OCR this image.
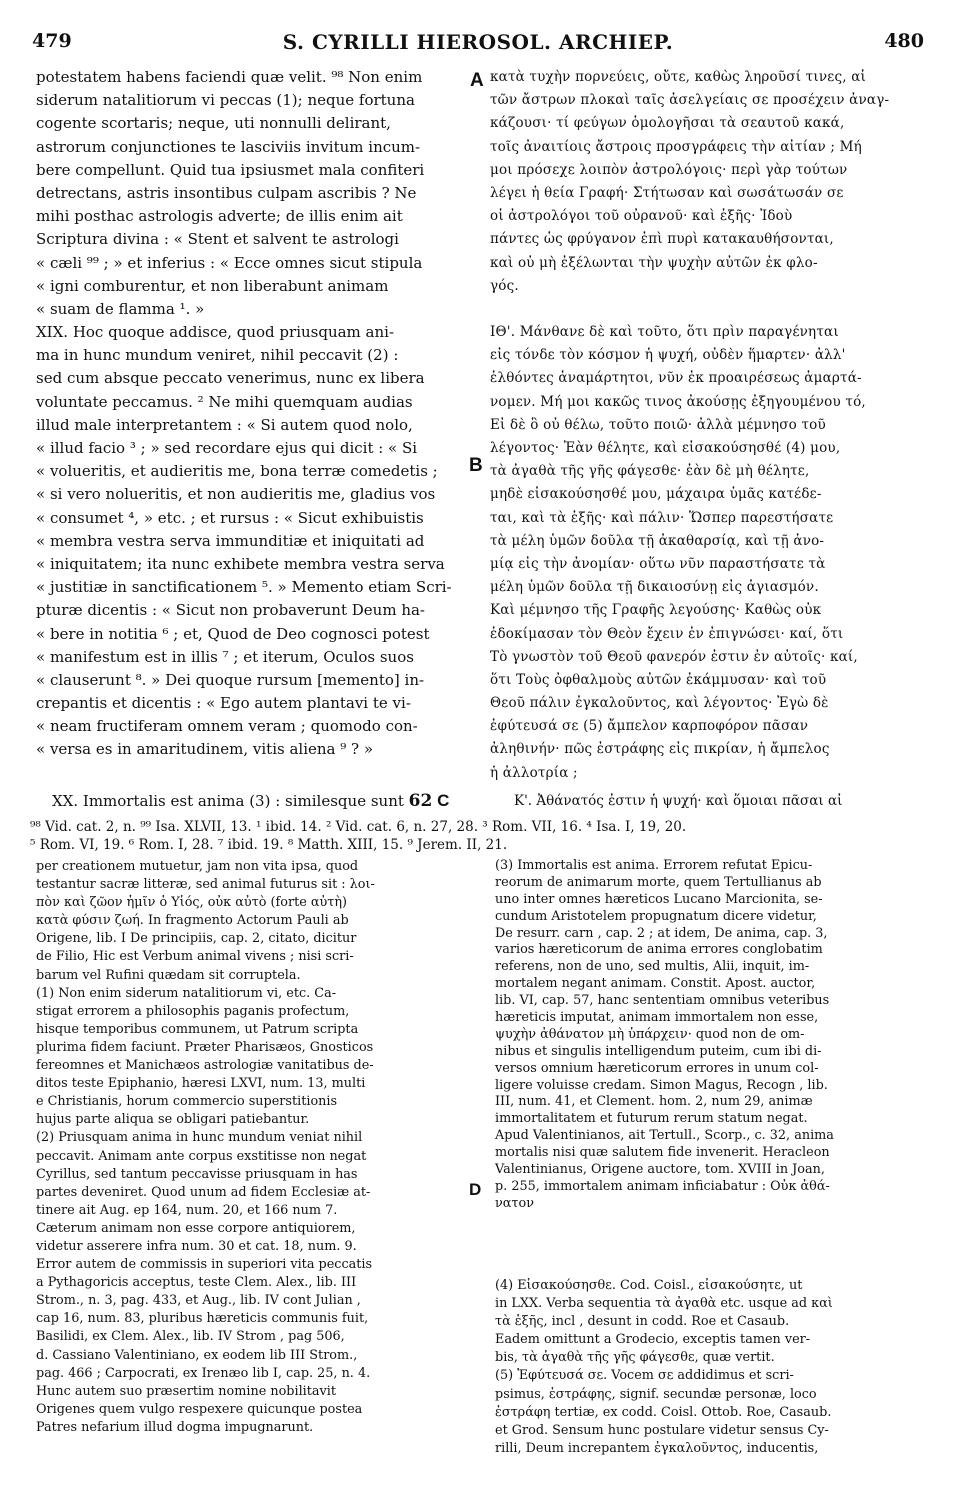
479	S. CYRILLI HIEROSOL. ARCHIEP.	480
potestatem habens faciendi quæ velit. ⁹⁸ Non enim
siderum natalitiorum vi peccas (1); neque fortuna
cogente scortaris; neque, uti nonnulli delirant,
astrorum conjunctiones te lasciviis invitum incum-
bere compellunt. Quid tua ipsiusmet mala confiteri
detrectans, astris insontibus culpam ascribis ? Ne
mihi posthac astrologis adverte; de illis enim ait
Scriptura divina : « Stent et salvent te astrologi
« cæli ⁹⁹ ; » et inferius : « Ecce omnes sicut stipula
« igni comburentur, et non liberabunt animam
« suam de flamma ¹. »
XIX. Hoc quoque addisce, quod priusquam ani-
ma in hunc mundum veniret, nihil peccavit (2) :
sed cum absque peccato venerimus, nunc ex libera
voluntate peccamus. ² Ne mihi quemquam audias
illud male interpretantem : « Si autem quod nolo,
« illud facio ³ ; » sed recordare ejus qui dicit : « Si
« volueritis, et audieritis me, bona terræ comedetis ;
« si vero nolueritis, et non audieritis me, gladius vos
« consumet ⁴, » etc. ; et rursus : « Sicut exhibuistis
« membra vestra serva immunditiæ et iniquitati ad
« iniquitatem; ita nunc exhibete membra vestra serva
« justitiæ in sanctificationem ⁵. » Memento etiam Scri-
pturæ dicentis : « Sicut non probaverunt Deum ha-
« bere in notitia ⁶ ; et, Quod de Deo cognosci potest
« manifestum est in illis ⁷ ; et iterum, Oculos suos
« clauserunt ⁸. » Dei quoque rursum [memento] in-
crepantis et dicentis : « Ego autem plantavi te vi-
« neam fructiferam omnem veram ; quomodo con-
« versa es in amaritudinem, vitis aliena ⁹ ? »
κατὰ τυχὴν πορνεύεις, οὔτε, καθὼς ληροῦσί τινες, αἱ
τῶν ἄστρων πλοκαὶ ταῖς ἀσελγείαις σε προσέχειν ἀναγ-
κάζουσι· τί φεύγων ὁμολογῆσαι τὰ σεαυτοῦ κακά,
τοῖς ἀναιτίοις ἄστροις προσγράφεις τὴν αἰτίαν ; Μή
μοι πρόσεχε λοιπὸν ἀστρολόγοις· περὶ γὰρ τούτων
λέγει ἡ θεία Γραφή· Στήτωσαν καὶ σωσάτωσάν σε
οἱ ἀστρολόγοι τοῦ οὐρανοῦ· καὶ ἑξῆς· Ἰδοὺ
πάντες ὡς φρύγανον ἐπὶ πυρὶ κατακαυθήσονται,
καὶ οὐ μὴ ἐξέλωνται τὴν ψυχὴν αὐτῶν ἐκ φλο-
γός.
ΙΘ'. Μάνθανε δὲ καὶ τοῦτο, ὅτι πρὶν παραγένηται
εἰς τόνδε τὸν κόσμον ἡ ψυχή, οὐδὲν ἥμαρτεν· ἀλλ'
ἐλθόντες ἀναμάρτητοι, νῦν ἐκ προαιρέσεως ἁμαρτά-
νομεν. Μή μοι κακῶς τινος ἀκούσῃς ἐξηγουμένου τό,
Εἰ δὲ ὃ οὐ θέλω, τοῦτο ποιῶ· ἀλλὰ μέμνησο τοῦ
λέγοντος· Ἐὰν θέλητε, καὶ εἰσακούσησθέ (4) μου,
τὰ ἀγαθὰ τῆς γῆς φάγεσθε· ἐὰν δὲ μὴ θέλητε,
μηδὲ εἰσακούσησθέ μου, μάχαιρα ὑμᾶς κατέδε-
ται, καὶ τὰ ἑξῆς· καὶ πάλιν· Ὥσπερ παρεστήσατε
τὰ μέλη ὑμῶν δοῦλα τῇ ἀκαθαρσίᾳ, καὶ τῇ ἀνο-
μίᾳ εἰς τὴν ἀνομίαν· οὕτω νῦν παραστήσατε τὰ
μέλη ὑμῶν δοῦλα τῇ δικαιοσύνῃ εἰς ἁγιασμόν.
Καὶ μέμνησο τῆς Γραφῆς λεγούσης· Καθὼς οὐκ
ἐδοκίμασαν τὸν Θεὸν ἔχειν ἐν ἐπιγνώσει· καί, ὅτι
Τὸ γνωστὸν τοῦ Θεοῦ φανερόν ἐστιν ἐν αὐτοῖς· καί,
ὅτι Τοὺς ὀφθαλμοὺς αὐτῶν ἐκάμμυσαν· καὶ τοῦ
Θεοῦ πάλιν ἐγκαλοῦντος, καὶ λέγοντος· Ἐγὼ δὲ
ἐφύτευσά σε (5) ἄμπελον καρποφόρον πᾶσαν
ἀληθινήν· πῶς ἐστράφης εἰς πικρίαν, ἡ ἄμπελος
ἡ ἀλλοτρία ;
A
B
XX. Immortalis est anima (3) : similesque sunt 62 C	Κ'. Ἀθάνατός ἐστιν ἡ ψυχή· καὶ ὅμοιαι πᾶσαι αἱ
⁹⁸ Vid. cat. 2, n. ⁹⁹ Isa. XLVII, 13. ¹ ibid. 14. ² Vid. cat. 6, n. 27, 28. ³ Rom. VII, 16. ⁴ Isa. I, 19, 20.
⁵ Rom. VI, 19. ⁶ Rom. I, 28. ⁷ ibid. 19. ⁸ Matth. XIII, 15. ⁹ Jerem. II, 21.
per creationem mutuetur, jam non vita ipsa, quod
testantur sacræ litteræ, sed animal futurus sit : λοι-
πὸν καὶ ζῶον ἡμῖν ὁ Υἱός, οὐκ αὐτὸ (forte αὐτὴ)
κατὰ φύσιν ζωή. In fragmento Actorum Pauli ab
Origene, lib. I De principiis, cap. 2, citato, dicitur
de Filio, Hic est Verbum animal vivens ; nisi scri-
barum vel Rufini quædam sit corruptela.
(1) Non enim siderum natalitiorum vi, etc. Ca-
stigat errorem a philosophis paganis profectum,
hisque temporibus communem, ut Patrum scripta
plurima fidem faciunt. Præter Pharisæos, Gnosticos
fereomnes et Manichæos astrologiæ vanitatibus de-
ditos teste Epiphanio, hæresi LXVI, num. 13, multi
e Christianis, horum commercio superstitionis
hujus parte aliqua se obligari patiebantur.
(2) Priusquam anima in hunc mundum veniat nihil
peccavit. Animam ante corpus exstitisse non negat
Cyrillus, sed tantum peccavisse priusquam in has
partes deveniret. Quod unum ad fidem Ecclesiæ at-
tinere ait Aug. ep 164, num. 20, et 166 num 7.
Cæterum animam non esse corpore antiquiorem,
videtur asserere infra num. 30 et cat. 18, num. 9.
Error autem de commissis in superiori vita peccatis
a Pythagoricis acceptus, teste Clem. Alex., lib. III
Strom., n. 3, pag. 433, et Aug., lib. IV cont Julian ,
cap 16, num. 83, pluribus hæreticis communis fuit,
Basilidi, ex Clem. Alex., lib. IV Strom , pag 506,
d. Cassiano Valentiniano, ex eodem lib III Strom.,
pag. 466 ; Carpocrati, ex Irenæo lib I, cap. 25, n. 4.
Hunc autem suo præsertim nomine nobilitavit
Origenes quem vulgo respexere quicunque postea
Patres nefarium illud dogma impugnarunt.
(3) Immortalis est anima. Errorem refutat Epicu-
reorum de animarum morte, quem Tertullianus ab
uno inter omnes hæreticos Lucano Marcionita, se-
cundum Aristotelem propugnatum dicere videtur,
De resurr. carn , cap. 2 ; at idem, De anima, cap. 3,
varios hæreticorum de anima errores conglobatim
referens, non de uno, sed multis, Alii, inquit, im-
mortalem negant animam. Constit. Apost. auctor,
lib. VI, cap. 57, hanc sententiam omnibus veteribus
hæreticis imputat, animam immortalem non esse,
ψυχὴν ἀθάνατον μὴ ὑπάρχειν· quod non de om-
nibus et singulis intelligendum puteim, cum ibi di-
versos omnium hæreticorum errores in unum col-
ligere voluisse credam. Simon Magus, Recogn , lib.
III, num. 41, et Clement. hom. 2, num 29, animæ
immortalitatem et futurum rerum statum negat.
Apud Valentinianos, ait Tertull., Scorp., c. 32, anima
mortalis nisi quæ salutem fide invenerit. Heracleon
Valentinianus, Origene auctore, tom. XVIII in Joan,
p. 255, immortalem animam inficiabatur : Οὐκ ἀθά-
νατον
(4) Εἰσακούσησθε. Cod. Coisl., εἰσακούσητε, ut
in LXX. Verba sequentia τὰ ἀγαθὰ etc. usque ad καὶ
τὰ ἑξῆς, incl , desunt in codd. Roe et Casaub.
Eadem omittunt a Grodecio, exceptis tamen ver-
bis, τὰ ἀγαθὰ τῆς γῆς φάγεσθε, quæ vertit.
(5) Ἐφύτευσά σε. Vocem σε addidimus et scri-
psimus, ἐστράφης, signif. secundæ personæ, loco
ἐστράφη tertiæ, ex codd. Coisl. Ottob. Roe, Casaub.
et Grod. Sensum hunc postulare videtur sensus Cy-
rilli, Deum increpantem ἐγκαλοῦντος, inducentis,
D
